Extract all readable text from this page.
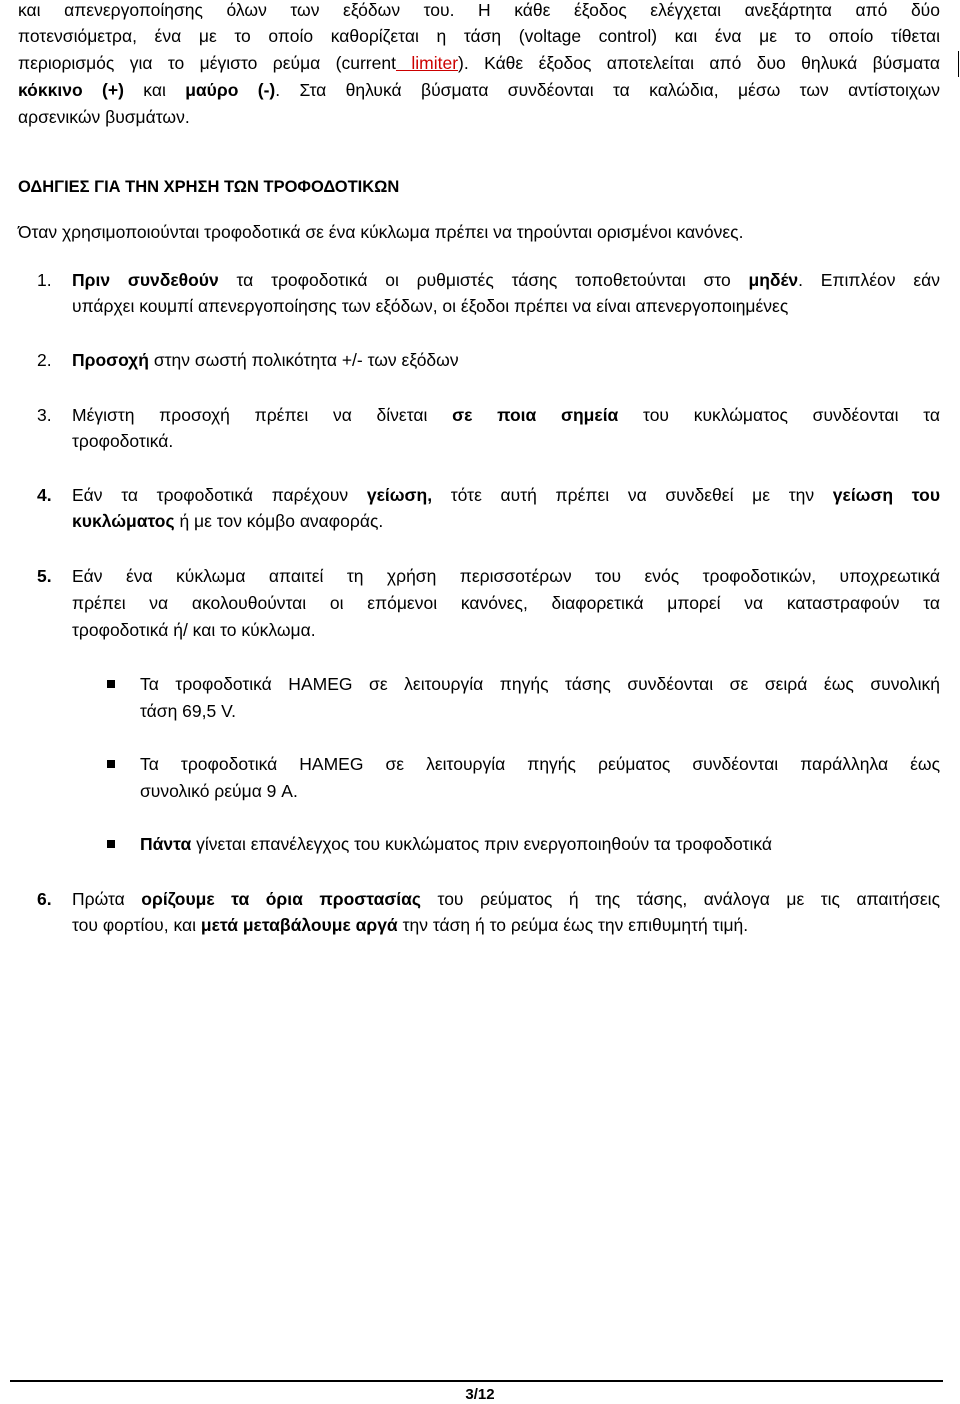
και απενεργοποίησης όλων των εξόδων του. Η κάθε έξοδος ελέγχεται ανεξάρτητα από δύο

ποτενσιόμετρα, ένα με το οποίο καθορίζεται η τάση (voltage control) και ένα με το οποίο τίθεται

περιορισμός για το μέγιστο ρεύμα (current limiter). Κάθε έξοδος αποτελείται από δυο θηλυκά βύσματα

κόκκινο (+) και μαύρο (-). Στα θηλυκά βύσματα συνδέονται τα καλώδια, μέσω των αντίστοιχων

αρσενικών βυσμάτων.

ΟΔΗΓΙΕΣ ΓΙΑ ΤΗΝ ΧΡΗΣΗ ΤΩΝ ΤΡΟΦΟΔΟΤΙΚΩΝ

Όταν χρησιμοποιούνται τροφοδοτικά σε ένα κύκλωμα πρέπει να τηρούνται ορισμένοι κανόνες.

1. Πριν συνδεθούν τα τροφοδοτικά οι ρυθμιστές τάσης τοποθετούνται στο μηδέν. Επιπλέον εάν

υπάρχει κουμπί απενεργοποίησης των εξόδων, οι έξοδοι πρέπει να είναι απενεργοποιημένες

2. Προσοχή στην σωστή πολικότητα +/- των εξόδων

3. Μέγιστη προσοχή πρέπει να δίνεται σε ποια σημεία του κυκλώματος συνδέονται τα

τροφοδοτικά.

4. Εάν τα τροφοδοτικά παρέχουν γείωση, τότε αυτή πρέπει να συνδεθεί με την γείωση του

κυκλώματος ή με τον κόμβο αναφοράς.

5. Εάν ένα κύκλωμα απαιτεί τη χρήση περισσοτέρων του ενός τροφοδοτικών, υποχρεωτικά

πρέπει να ακολουθούνται οι επόμενοι κανόνες, διαφορετικά μπορεί να καταστραφούν τα

τροφοδοτικά ή/ και το κύκλωμα.

Τα τροφοδοτικά HAMEG σε λειτουργία πηγής τάσης συνδέονται σε σειρά έως συνολική

τάση 69,5 V.

Τα τροφοδοτικά HAMEG σε λειτουργία πηγής ρεύματος συνδέονται παράλληλα έως

συνολικό ρεύμα 9 A.

Πάντα γίνεται επανέλεγχος του κυκλώματος πριν ενεργοποιηθούν τα τροφοδοτικά

6. Πρώτα ορίζουμε τα όρια προστασίας του ρεύματος ή της τάσης, ανάλογα με τις απαιτήσεις

του φορτίου, και μετά μεταβάλουμε αργά την τάση ή το ρεύμα έως την επιθυμητή τιμή.

3/12
